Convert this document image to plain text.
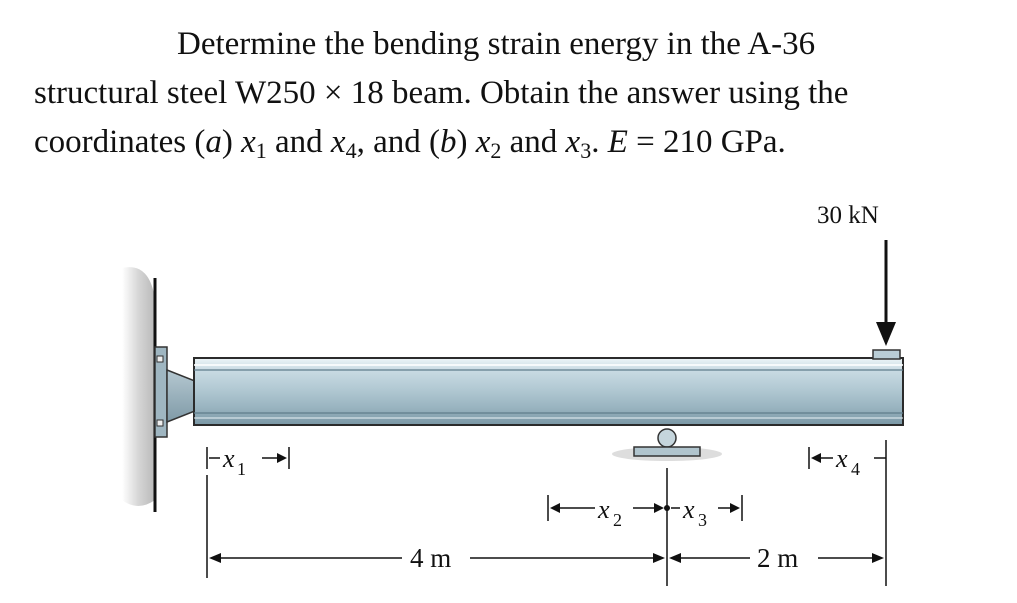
Determine the bending strain energy in the A-36
structural steel W250 × 18 beam. Obtain the answer using the
coordinates (a) $x_1$ and $x_4$, and (b) $x_2$ and $x_3$. E = 210 GPa.
30 kN
x 1	x 4
x 2 x 3
4 m	2 m
